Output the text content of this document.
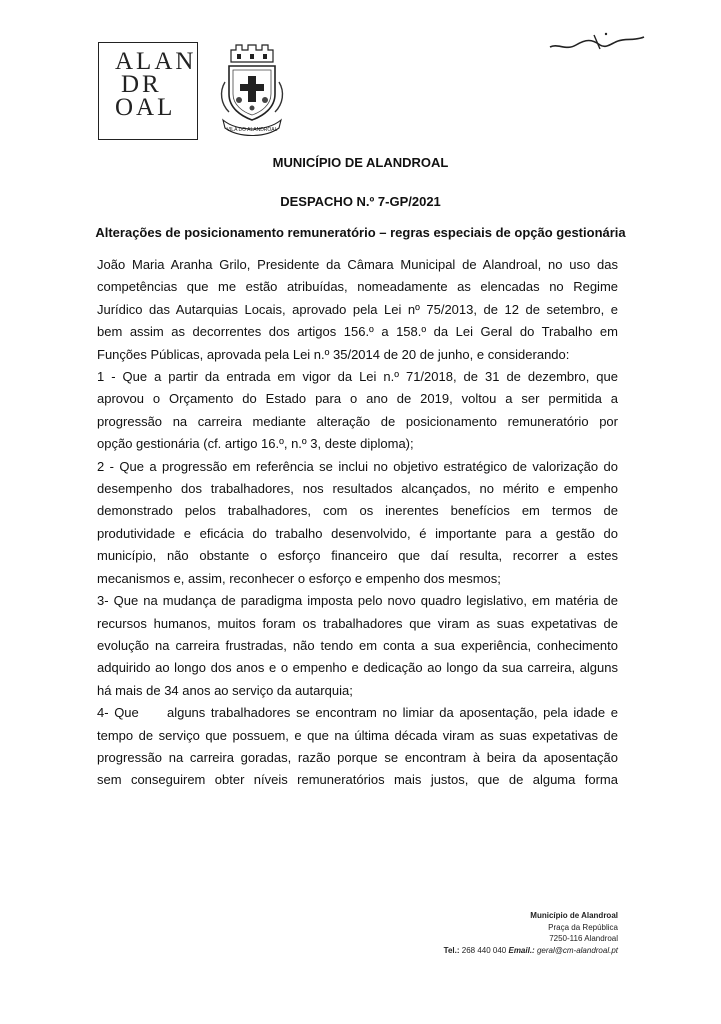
ALAN
DR
OAL
VILA DO ALANDROAL
MUNICÍPIO DE ALANDROAL
DESPACHO N.º 7-GP/2021
Alterações de posicionamento remuneratório – regras especiais de opção gestionária

João Maria Aranha Grilo, Presidente da Câmara Municipal de Alandroal, no uso das

competências que me estão atribuídas, nomeadamente as elencadas no Regime

Jurídico das Autarquias Locais, aprovado pela Lei nº 75/2013, de 12 de setembro, e

bem assim as decorrentes dos artigos 156.º a 158.º da Lei Geral do Trabalho em

Funções Públicas, aprovada pela Lei n.º 35/2014 de 20 de junho, e considerando:

1 - Que a partir da entrada em vigor da Lei n.º 71/2018, de 31 de dezembro, que

aprovou o Orçamento do Estado para o ano de 2019, voltou a ser permitida a

progressão na carreira mediante alteração de posicionamento remuneratório por

opção gestionária (cf. artigo 16.º, n.º 3, deste diploma);

2 - Que a progressão em referência se inclui no objetivo estratégico de valorização do

desempenho dos trabalhadores, nos resultados alcançados, no mérito e empenho

demonstrado pelos trabalhadores, com os inerentes benefícios em termos de

produtividade e eficácia do trabalho desenvolvido, é importante para a gestão do

município, não obstante o esforço financeiro que daí resulta, recorrer a estes

mecanismos e, assim, reconhecer o esforço e empenho dos mesmos;

3- Que na mudança de paradigma imposta pelo novo quadro legislativo, em matéria de

recursos humanos, muitos foram os trabalhadores que viram as suas expetativas de

evolução na carreira frustradas, não tendo em conta a sua experiência, conhecimento

adquirido ao longo dos anos e o empenho e dedicação ao longo da sua carreira, alguns

há mais de 34 anos ao serviço da autarquia;

4- Que     alguns trabalhadores se encontram no limiar da aposentação, pela idade e

tempo de serviço que possuem, e que na última década viram as suas expetativas de

progressão na carreira goradas, razão porque se encontram à beira da aposentação

sem conseguirem obter níveis remuneratórios mais justos, que de alguma forma

Município de Alandroal
Praça da República
7250-116 Alandroal
Tel.: 268 440 040 Email.: geral@cm-alandroal.pt
